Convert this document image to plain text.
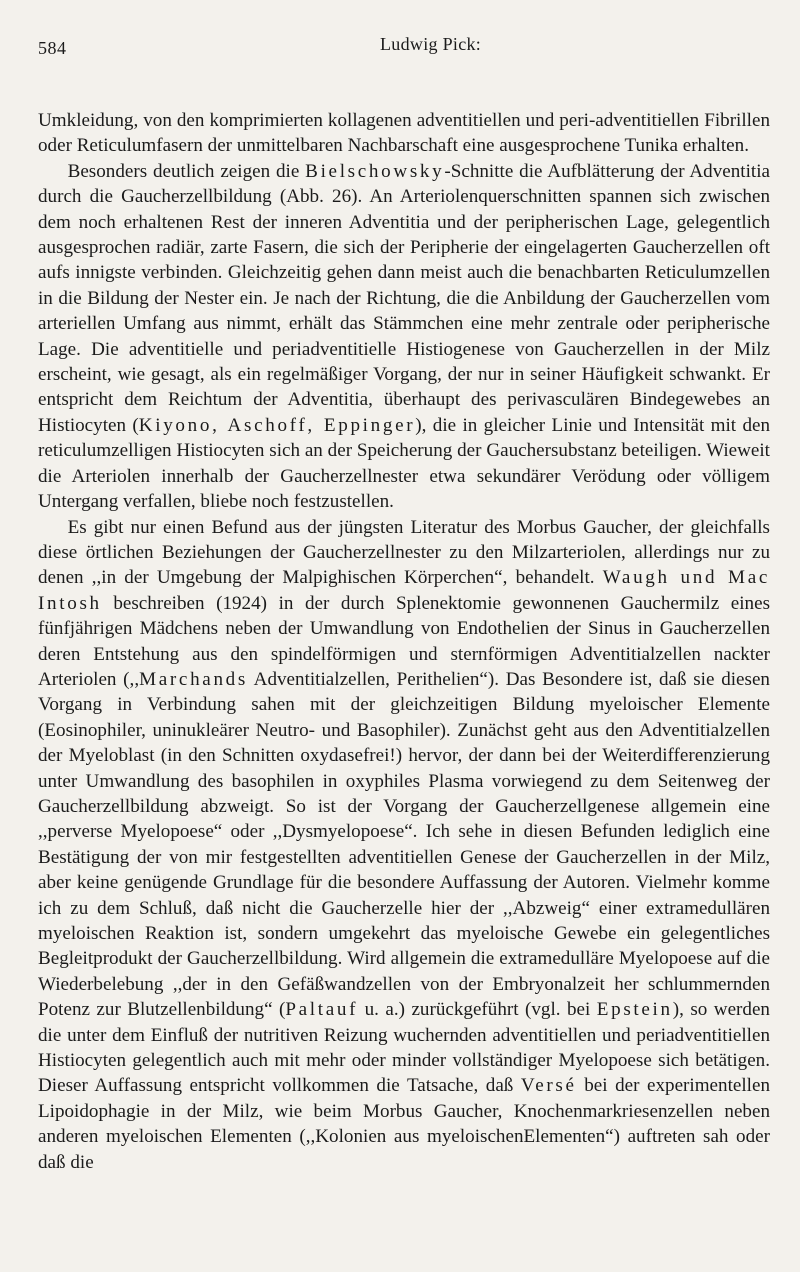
584	Ludwig Pick:

Umkleidung, von den komprimierten kollagenen adventitiellen und peri-adventitiellen Fibrillen oder Reticulumfasern der unmittelbaren Nachbarschaft eine ausgesprochene Tunika erhalten.

Besonders deutlich zeigen die Bielschowsky-Schnitte die Aufblätterung der Adventitia durch die Gaucherzellbildung (Abb. 26). An Arteriolenquerschnitten spannen sich zwischen dem noch erhaltenen Rest der inneren Adventitia und der peripherischen Lage, gelegentlich ausgesprochen radiär, zarte Fasern, die sich der Peripherie der eingelagerten Gaucherzellen oft aufs innigste verbinden. Gleichzeitig gehen dann meist auch die benachbarten Reticulumzellen in die Bildung der Nester ein. Je nach der Richtung, die die Anbildung der Gaucherzellen vom arteriellen Umfang aus nimmt, erhält das Stämmchen eine mehr zentrale oder peripherische Lage. Die adventitielle und periadventitielle Histiogenese von Gaucherzellen in der Milz erscheint, wie gesagt, als ein regelmäßiger Vorgang, der nur in seiner Häufigkeit schwankt. Er entspricht dem Reichtum der Adventitia, überhaupt des perivasculären Bindegewebes an Histiocyten (Kiyono, Aschoff, Eppinger), die in gleicher Linie und Intensität mit den reticulumzelligen Histiocyten sich an der Speicherung der Gauchersubstanz beteiligen. Wieweit die Arteriolen innerhalb der Gaucherzellnester etwa sekundärer Verödung oder völligem Untergang verfallen, bliebe noch festzustellen.

Es gibt nur einen Befund aus der jüngsten Literatur des Morbus Gaucher, der gleichfalls diese örtlichen Beziehungen der Gaucherzellnester zu den Milzarteriolen, allerdings nur zu denen ,,in der Umgebung der Malpighischen Körperchen“, behandelt. Waugh und Mac Intosh beschreiben (1924) in der durch Splenektomie gewonnenen Gauchermilz eines fünfjährigen Mädchens neben der Umwandlung von Endothelien der Sinus in Gaucherzellen deren Entstehung aus den spindelförmigen und sternförmigen Adventitialzellen nackter Arteriolen (,,Marchands Adventitialzellen, Perithelien“). Das Besondere ist, daß sie diesen Vorgang in Verbindung sahen mit der gleichzeitigen Bildung myeloischer Elemente (Eosinophiler, uninukleärer Neutro- und Basophiler). Zunächst geht aus den Adventitialzellen der Myeloblast (in den Schnitten oxydasefrei!) hervor, der dann bei der Weiterdifferenzierung unter Umwandlung des basophilen in oxyphiles Plasma vorwiegend zu dem Seitenweg der Gaucherzellbildung abzweigt. So ist der Vorgang der Gaucherzellgenese allgemein eine ,,perverse Myelopoese“ oder ,,Dysmyelopoese“. Ich sehe in diesen Befunden lediglich eine Bestätigung der von mir festgestellten adventitiellen Genese der Gaucherzellen in der Milz, aber keine genügende Grundlage für die besondere Auffassung der Autoren. Vielmehr komme ich zu dem Schluß, daß nicht die Gaucherzelle hier der ,,Abzweig“ einer extramedullären myeloischen Reaktion ist, sondern umgekehrt das myeloische Gewebe ein gelegentliches Begleitprodukt der Gaucherzellbildung. Wird allgemein die extramedulläre Myelopoese auf die Wiederbelebung ,,der in den Gefäßwandzellen von der Embryonalzeit her schlummernden Potenz zur Blutzellenbildung“ (Paltauf u. a.) zurückgeführt (vgl. bei Epstein), so werden die unter dem Einfluß der nutritiven Reizung wuchernden adventitiellen und periadventitiellen Histiocyten gelegentlich auch mit mehr oder minder vollständiger Myelopoese sich betätigen. Dieser Auffassung entspricht vollkommen die Tatsache, daß Versé bei der experimentellen Lipoidophagie in der Milz, wie beim Morbus Gaucher, Knochenmarkriesenzellen neben anderen myeloischen Elementen (,,Kolonien aus myeloischenElementen“) auftreten sah oder daß die
